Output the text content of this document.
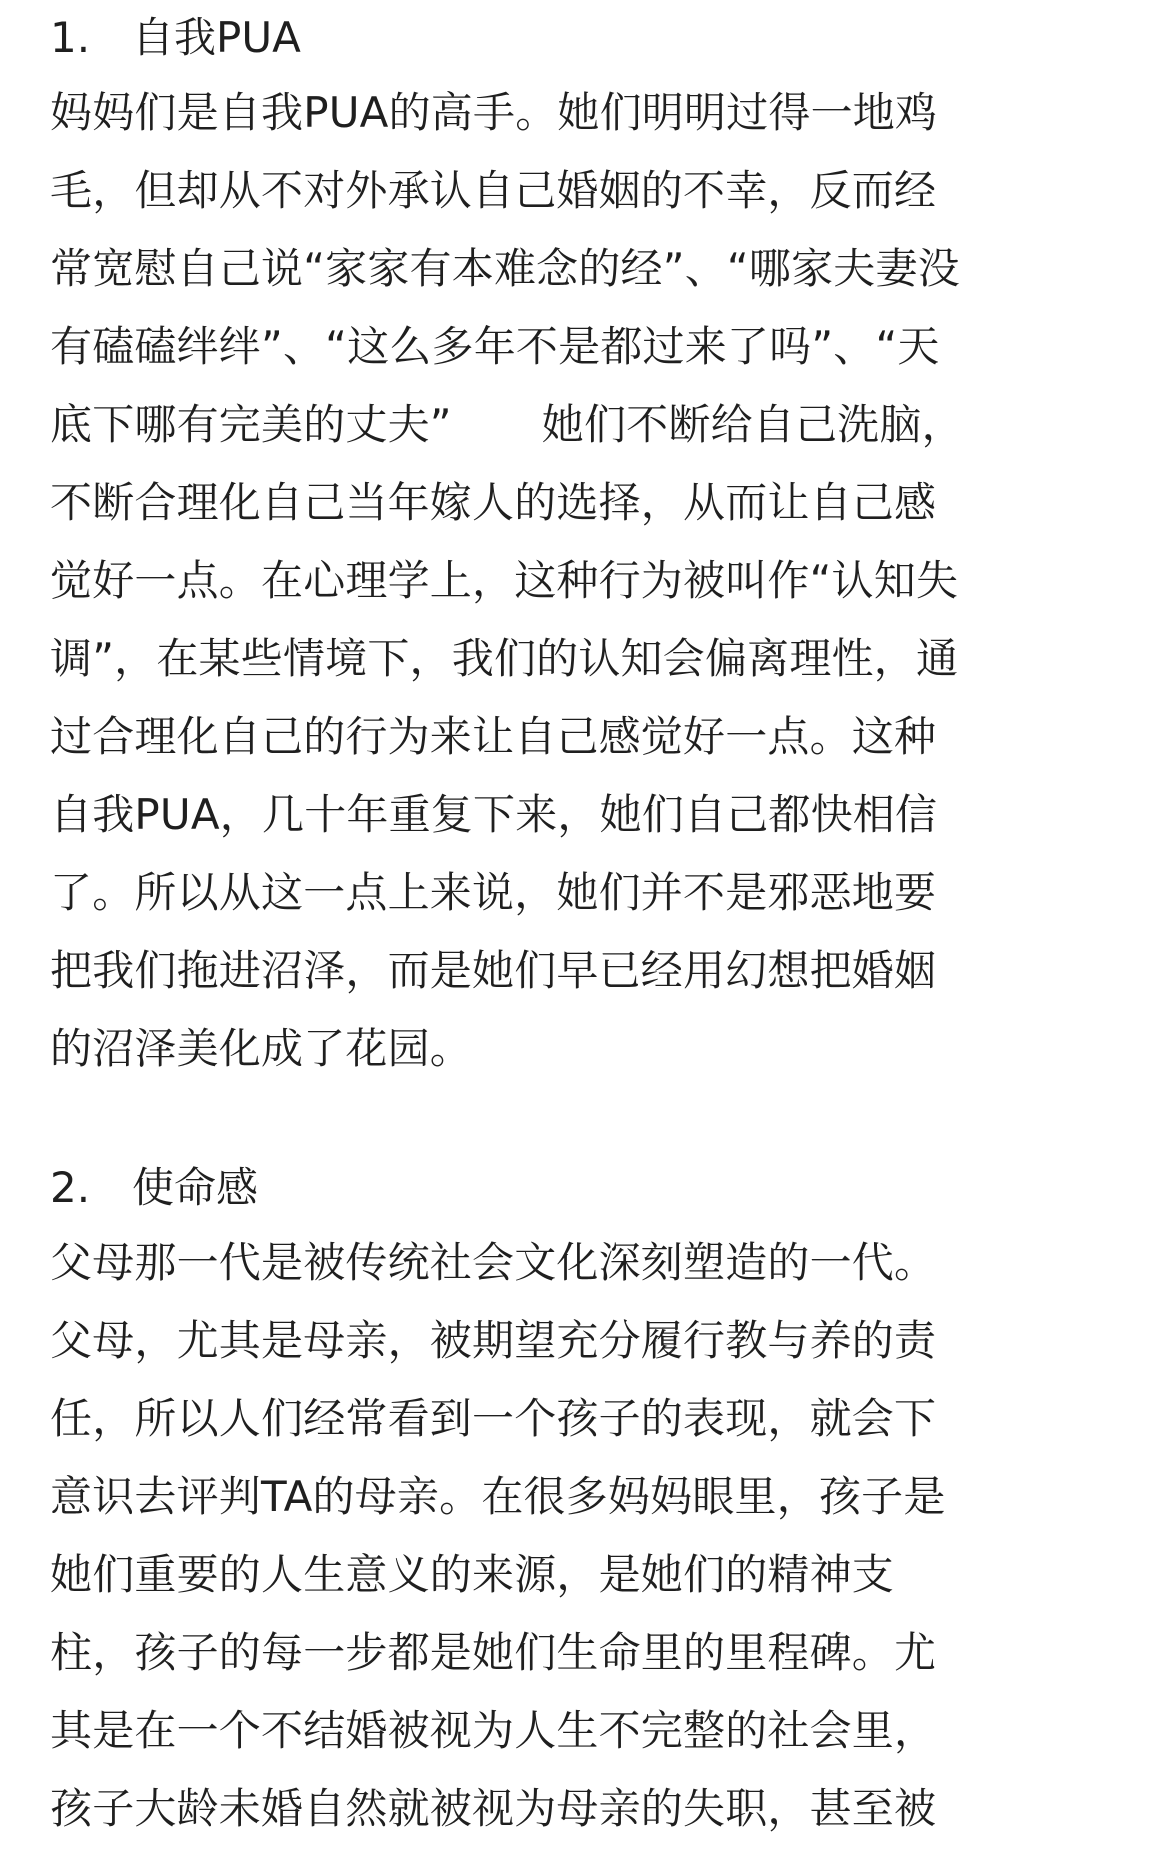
1. 自我PUA
妈妈们是自我PUA的高手。她们明明过得一地鸡
毛，但却从不对外承认自己婚姻的不幸，反而经
常宽慰自己说“家家有本难念的经”、“哪家夫妻没
有磕磕绊绊”、“这么多年不是都过来了吗”、“天
底下哪有完美的丈夫” 她们不断给自己洗脑，
不断合理化自己当年嫁人的选择，从而让自己感
觉好一点。在心理学上，这种行为被叫作“认知失
调”，在某些情境下，我们的认知会偏离理性，通
过合理化自己的行为来让自己感觉好一点。这种
自我PUA，几十年重复下来，她们自己都快相信
了。所以从这一点上来说，她们并不是邪恶地要
把我们拖进沼泽，而是她们早已经用幻想把婚姻
的沼泽美化成了花园。
2. 使命感
父母那一代是被传统社会文化深刻塑造的一代。
父母，尤其是母亲，被期望充分履行教与养的责
任，所以人们经常看到一个孩子的表现，就会下
意识去评判TA的母亲。在很多妈妈眼里，孩子是
她们重要的人生意义的来源，是她们的精神支
柱，孩子的每一步都是她们生命里的里程碑。尤
其是在一个不结婚被视为人生不完整的社会里，
孩子大龄未婚自然就被视为母亲的失职，甚至被
